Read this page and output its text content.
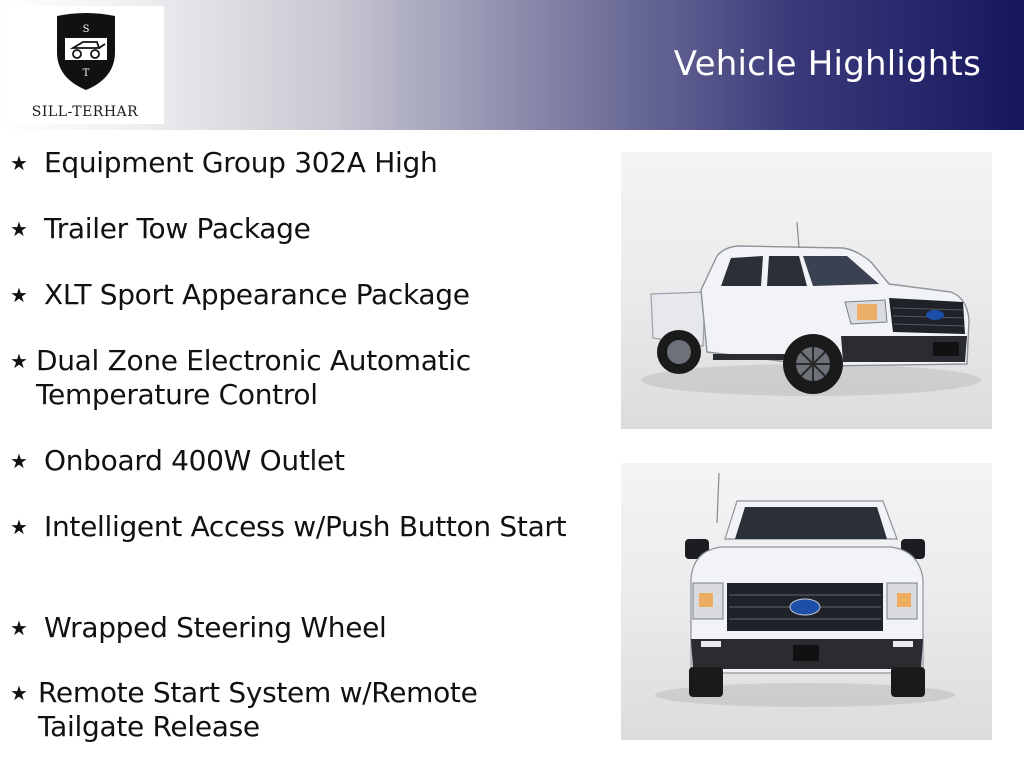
S
T
SILL-TERHAR
Vehicle Highlights
★ Equipment Group 302A High
★ Trailer Tow Package
★ XLT Sport Appearance Package
★ Dual Zone Electronic Automatic Temperature Control
★ Onboard 400W Outlet
★ Intelligent Access w/Push Button Start
★ Wrapped Steering Wheel
★ Remote Start System w/Remote Tailgate Release
